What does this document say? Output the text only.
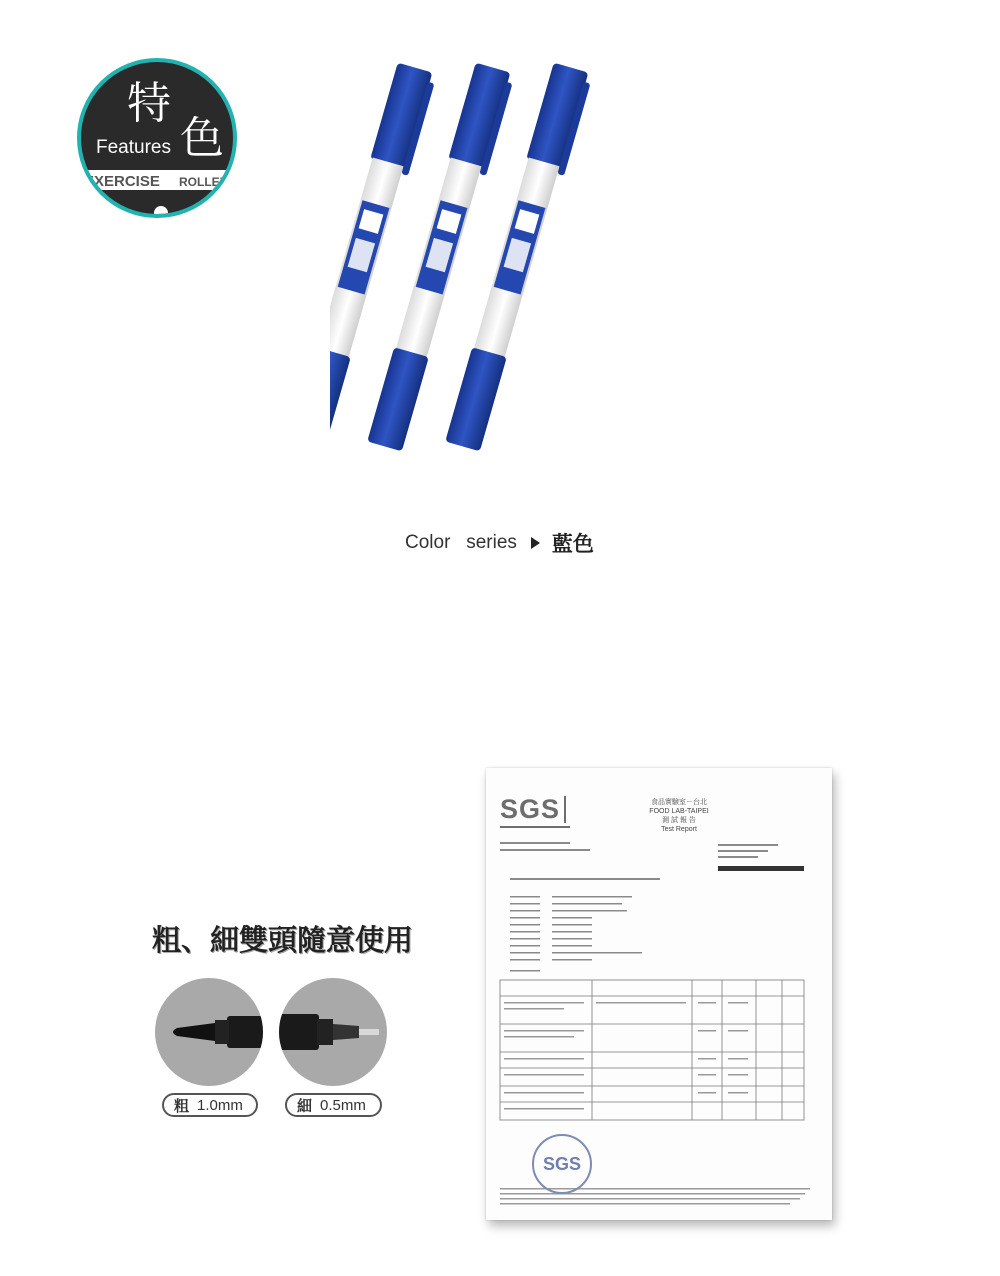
特
色
Features
EXERCISE ROLLER
Color   series 藍色
粗、細雙頭隨意使用
粗 1.0mm	細 0.5mm
SGS	食品實驗室－台北
FOOD LAB-TAIPEI
測 試 報 告
Test Report
SGS
